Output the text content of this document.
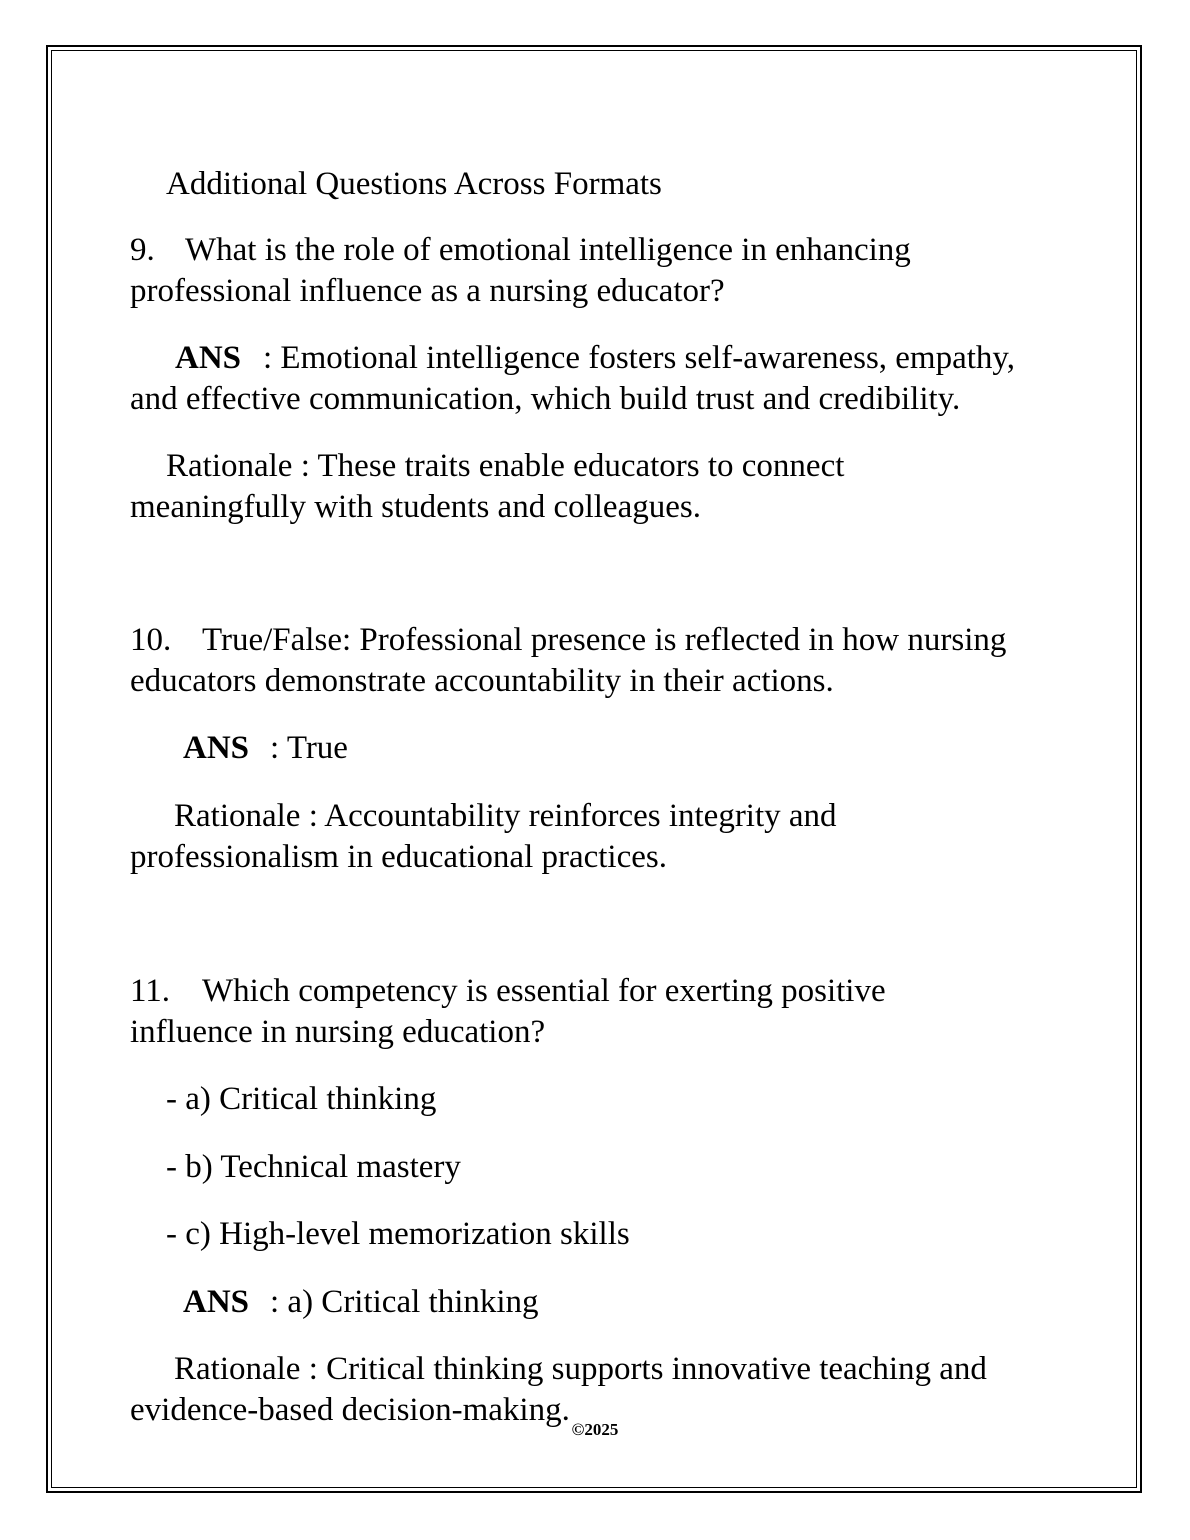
Additional Questions Across Formats
9. What is the role of emotional intelligence in enhancing
professional influence as a nursing educator?
ANS : Emotional intelligence fosters self-awareness, empathy,
and effective communication, which build trust and credibility.
Rationale : These traits enable educators to connect
meaningfully with students and colleagues.
10. True/False: Professional presence is reflected in how nursing
educators demonstrate accountability in their actions.
ANS : True
Rationale : Accountability reinforces integrity and
professionalism in educational practices.
11. Which competency is essential for exerting positive
influence in nursing education?
- a) Critical thinking
- b) Technical mastery
- c) High-level memorization skills
ANS : a) Critical thinking
Rationale : Critical thinking supports innovative teaching and
evidence-based decision-making.
©2025
